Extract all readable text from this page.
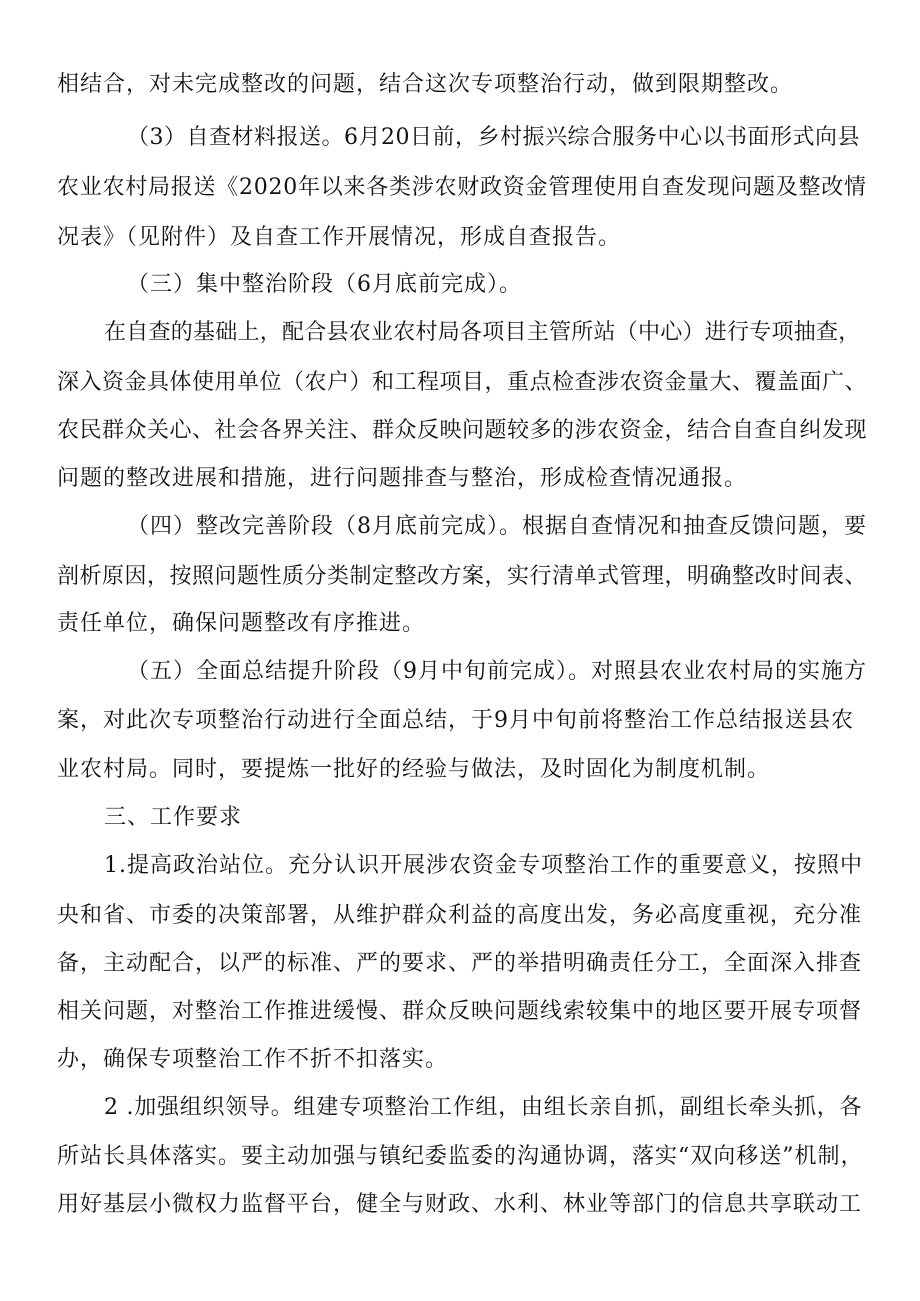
相结合，对未完成整改的问题，结合这次专项整治行动，做到限期整改。
（3）自查材料报送。6月20日前，乡村振兴综合服务中心以书面形式向县
农业农村局报送《2020年以来各类涉农财政资金管理使用自查发现问题及整改情
况表》（见附件）及自查工作开展情况，形成自查报告。
（三）集中整治阶段（6月底前完成）。
在自查的基础上，配合县农业农村局各项目主管所站（中心）进行专项抽查，
深入资金具体使用单位（农户）和工程项目，重点检查涉农资金量大、覆盖面广、
农民群众关心、社会各界关注、群众反映问题较多的涉农资金，结合自查自纠发现
问题的整改进展和措施，进行问题排查与整治，形成检查情况通报。
（四）整改完善阶段（8月底前完成）。根据自查情况和抽查反馈问题，要
剖析原因，按照问题性质分类制定整改方案，实行清单式管理，明确整改时间表、
责任单位，确保问题整改有序推进。
（五）全面总结提升阶段（9月中旬前完成）。对照县农业农村局的实施方
案，对此次专项整治行动进行全面总结，于9月中旬前将整治工作总结报送县农
业农村局。同时，要提炼一批好的经验与做法，及时固化为制度机制。
三、工作要求
1.提高政治站位。充分认识开展涉农资金专项整治工作的重要意义，按照中
央和省、市委的决策部署，从维护群众利益的高度出发，务必高度重视，充分准
备，主动配合，以严的标准、严的要求、严的举措明确责任分工，全面深入排查
相关问题，对整治工作推进缓慢、群众反映问题线索较集中的地区要开展专项督
办，确保专项整治工作不折不扣落实。
2 .加强组织领导。组建专项整治工作组，由组长亲自抓，副组长牵头抓，各
所站长具体落实。要主动加强与镇纪委监委的沟通协调，落实“双向移送”机制，
用好基层小微权力监督平台，健全与财政、水利、林业等部门的信息共享联动工
